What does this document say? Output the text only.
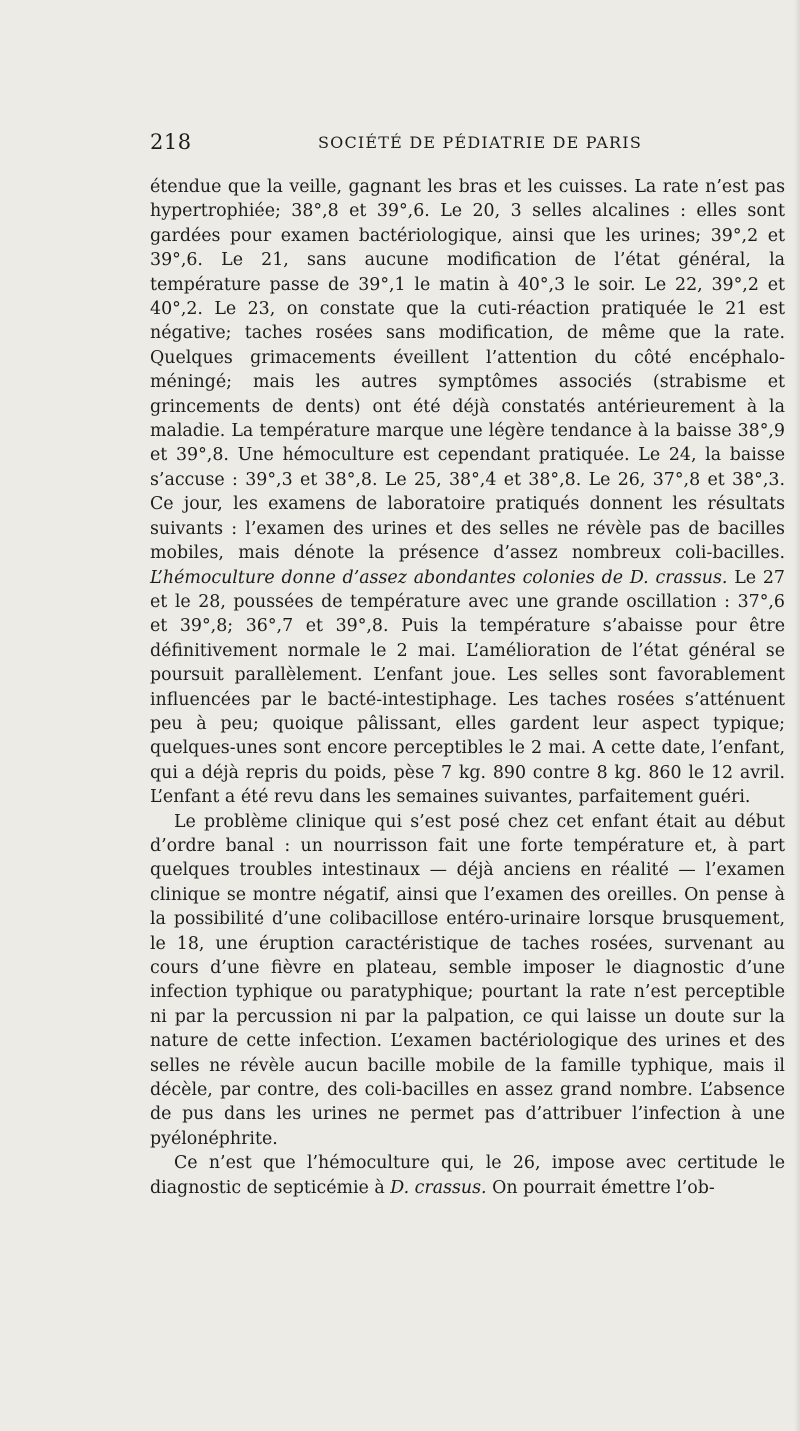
218	SOCIÉTÉ DE PÉDIATRIE DE PARIS

étendue que la veille, gagnant les bras et les cuisses. La rate n’est pas hypertrophiée; 38°,8 et 39°,6. Le 20, 3 selles alcalines : elles sont gardées pour examen bactériologique, ainsi que les urines; 39°,2 et 39°,6. Le 21, sans aucune modification de l’état général, la température passe de 39°,1 le matin à 40°,3 le soir. Le 22, 39°,2 et 40°,2. Le 23, on constate que la cuti-réaction pratiquée le 21 est négative; taches rosées sans modification, de même que la rate. Quelques grimacements éveillent l’attention du côté encéphalo-méningé; mais les autres symptômes associés (strabisme et grincements de dents) ont été déjà constatés antérieurement à la maladie. La température marque une légère tendance à la baisse 38°,9 et 39°,8. Une hémoculture est cependant pratiquée. Le 24, la baisse s’accuse : 39°,3 et 38°,8. Le 25, 38°,4 et 38°,8. Le 26, 37°,8 et 38°,3. Ce jour, les examens de laboratoire pratiqués donnent les résultats suivants : l’examen des urines et des selles ne révèle pas de bacilles mobiles, mais dénote la présence d’assez nombreux coli-bacilles. L’hémoculture donne d’assez abondantes colonies de D. crassus. Le 27 et le 28, poussées de température avec une grande oscillation : 37°,6 et 39°,8; 36°,7 et 39°,8. Puis la température s’abaisse pour être définitivement normale le 2 mai. L’amélioration de l’état général se poursuit parallèlement. L’enfant joue. Les selles sont favorablement influencées par le bacté-intestiphage. Les taches rosées s’atténuent peu à peu; quoique pâlissant, elles gardent leur aspect typique; quelques-unes sont encore perceptibles le 2 mai. A cette date, l’enfant, qui a déjà repris du poids, pèse 7 kg. 890 contre 8 kg. 860 le 12 avril. L’enfant a été revu dans les semaines suivantes, parfaitement guéri.

Le problème clinique qui s’est posé chez cet enfant était au début d’ordre banal : un nourrisson fait une forte température et, à part quelques troubles intestinaux — déjà anciens en réalité — l’examen clinique se montre négatif, ainsi que l’examen des oreilles. On pense à la possibilité d’une colibacillose entéro-urinaire lorsque brusquement, le 18, une éruption caractéristique de taches rosées, survenant au cours d’une fièvre en plateau, semble imposer le diagnostic d’une infection typhique ou paratyphique; pourtant la rate n’est perceptible ni par la percussion ni par la palpation, ce qui laisse un doute sur la nature de cette infection. L’examen bactériologique des urines et des selles ne révèle aucun bacille mobile de la famille typhique, mais il décèle, par contre, des coli-bacilles en assez grand nombre. L’absence de pus dans les urines ne permet pas d’attribuer l’infection à une pyélonéphrite.

Ce n’est que l’hémoculture qui, le 26, impose avec certitude le diagnostic de septicémie à D. crassus. On pourrait émettre l’ob-
